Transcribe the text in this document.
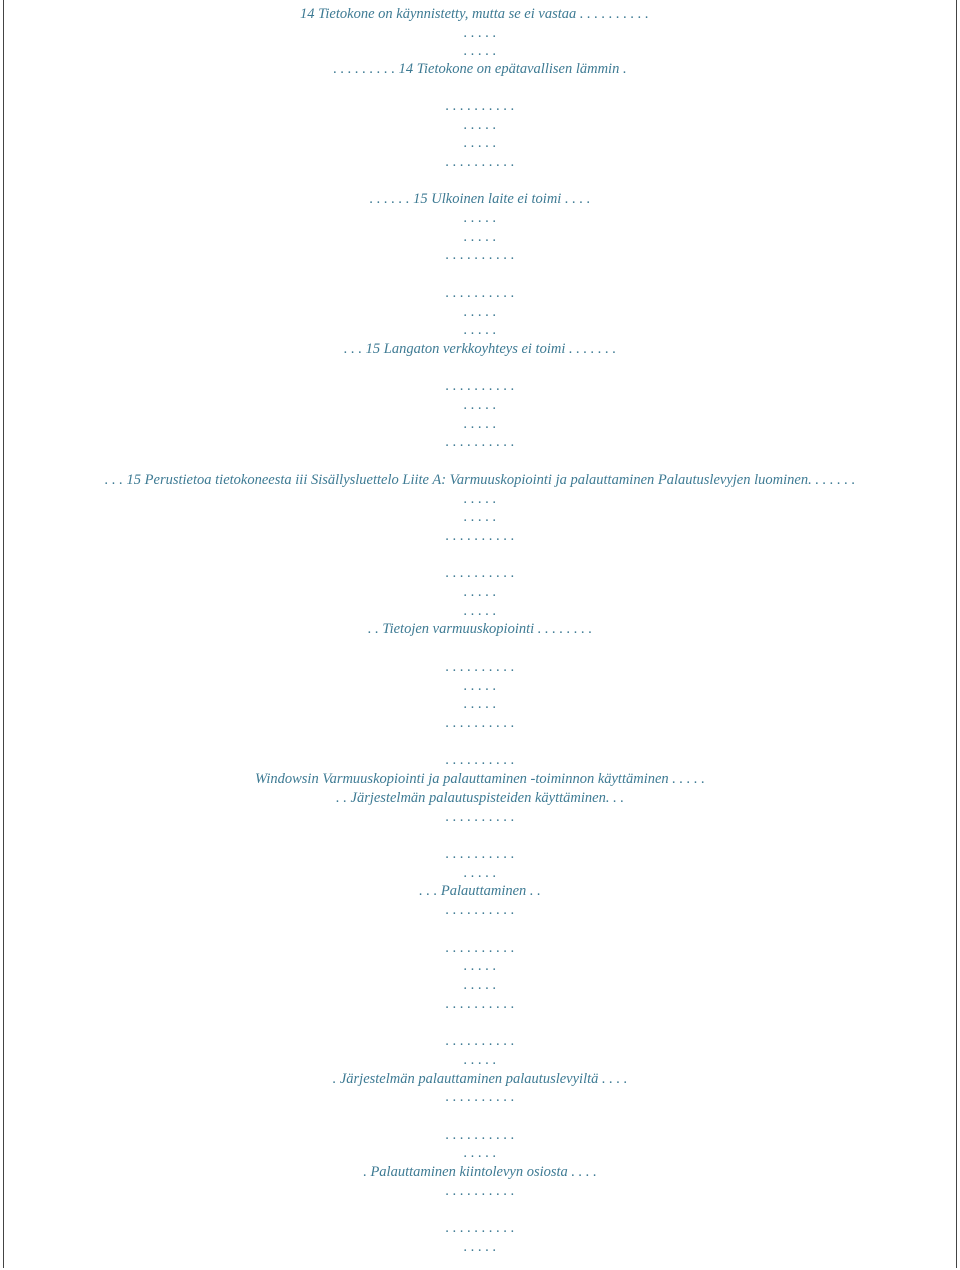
14 Tietokone on käynnistetty, mutta se ei vastaa . . . . . . . . . .
. . . . .
. . . . .
. . . . . . . . . 14 Tietokone on epätavallisen lämmin .
. . . . . . . . . .
. . . . .
. . . . .
. . . . . . . . . .
. . . . . . 15 Ulkoinen laite ei toimi . . . .
. . . . .
. . . . .
. . . . . . . . . .
. . . . . . . . . .
. . . . .
. . . . .
. . . 15 Langaton verkkoyhteys ei toimi . . . . . . .
. . . . . . . . . .
. . . . .
. . . . .
. . . . . . . . . .
. . . 15 Perustietoa tietokoneesta iii Sisällysluettelo Liite A: Varmuuskopiointi ja palauttaminen Palautuslevyjen luominen. . . . . . .
. . . . .
. . . . .
. . . . . . . . . .
. . . . . . . . . .
. . . . .
. . . . .
. . Tietojen varmuuskopiointi . . . . . . . .
. . . . . . . . . .
. . . . .
. . . . .
. . . . . . . . . .
. . . . . . . . . .
Windowsin Varmuuskopiointi ja palauttaminen -toiminnon käyttäminen . . . . .
. . Järjestelmän palautuspisteiden käyttäminen. . .
. . . . . . . . . .
. . . . . . . . . .
. . . . .
. . . Palauttaminen . .
. . . . . . . . . .
. . . . . . . . . .
. . . . .
. . . . .
. . . . . . . . . .
. . . . . . . . . .
. . . . .
. Järjestelmän palauttaminen palautuslevyiltä . . . .
. . . . . . . . . .
. . . . . . . . . .
. . . . .
. Palauttaminen kiintolevyn osiosta . . . .
. . . . . . . . . .
. . . . . . . . . .
. . . . .
